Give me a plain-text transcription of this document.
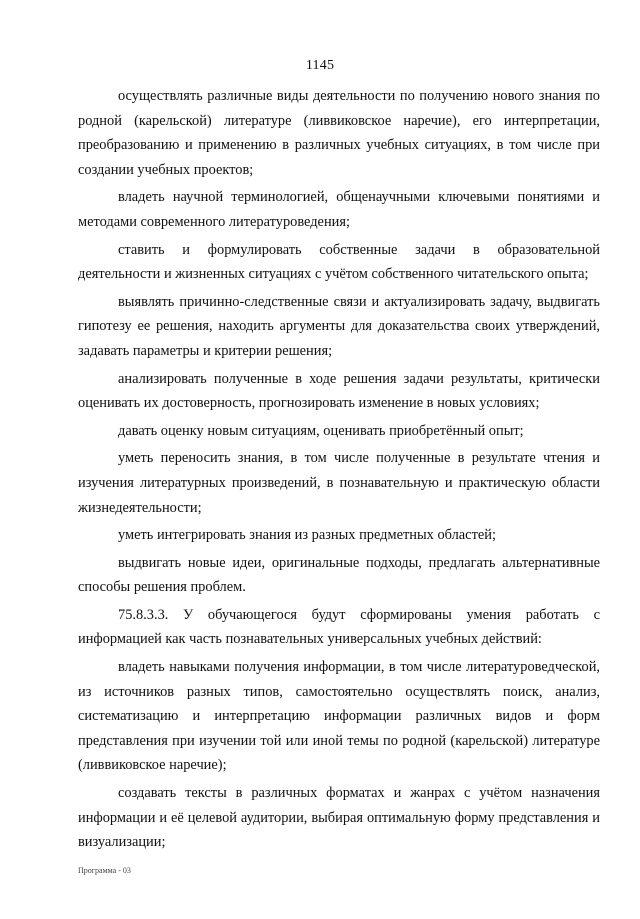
1145

осуществлять различные виды деятельности по получению нового знания по родной (карельской) литературе (ливвиковское наречие), его интерпретации, преобразованию и применению в различных учебных ситуациях, в том числе при создании учебных проектов;

владеть научной терминологией, общенаучными ключевыми понятиями и методами современного литературоведения;

ставить и формулировать собственные задачи в образовательной деятельности и жизненных ситуациях с учётом собственного читательского опыта;

выявлять причинно-следственные связи и актуализировать задачу, выдвигать гипотезу ее решения, находить аргументы для доказательства своих утверждений, задавать параметры и критерии решения;

анализировать полученные в ходе решения задачи результаты, критически оценивать их достоверность, прогнозировать изменение в новых условиях;

давать оценку новым ситуациям, оценивать приобретённый опыт;

уметь переносить знания, в том числе полученные в результате чтения и изучения литературных произведений, в познавательную и практическую области жизнедеятельности;

уметь интегрировать знания из разных предметных областей;

выдвигать новые идеи, оригинальные подходы, предлагать альтернативные способы решения проблем.

75.8.3.3. У обучающегося будут сформированы умения работать с информацией как часть познавательных универсальных учебных действий:

владеть навыками получения информации, в том числе литературоведческой, из источников разных типов, самостоятельно осуществлять поиск, анализ, систематизацию и интерпретацию информации различных видов и форм представления при изучении той или иной темы по родной (карельской) литературе (ливвиковское наречие);

создавать тексты в различных форматах и жанрах с учётом назначения информации и её целевой аудитории, выбирая оптимальную форму представления и визуализации;

Программа - 03
